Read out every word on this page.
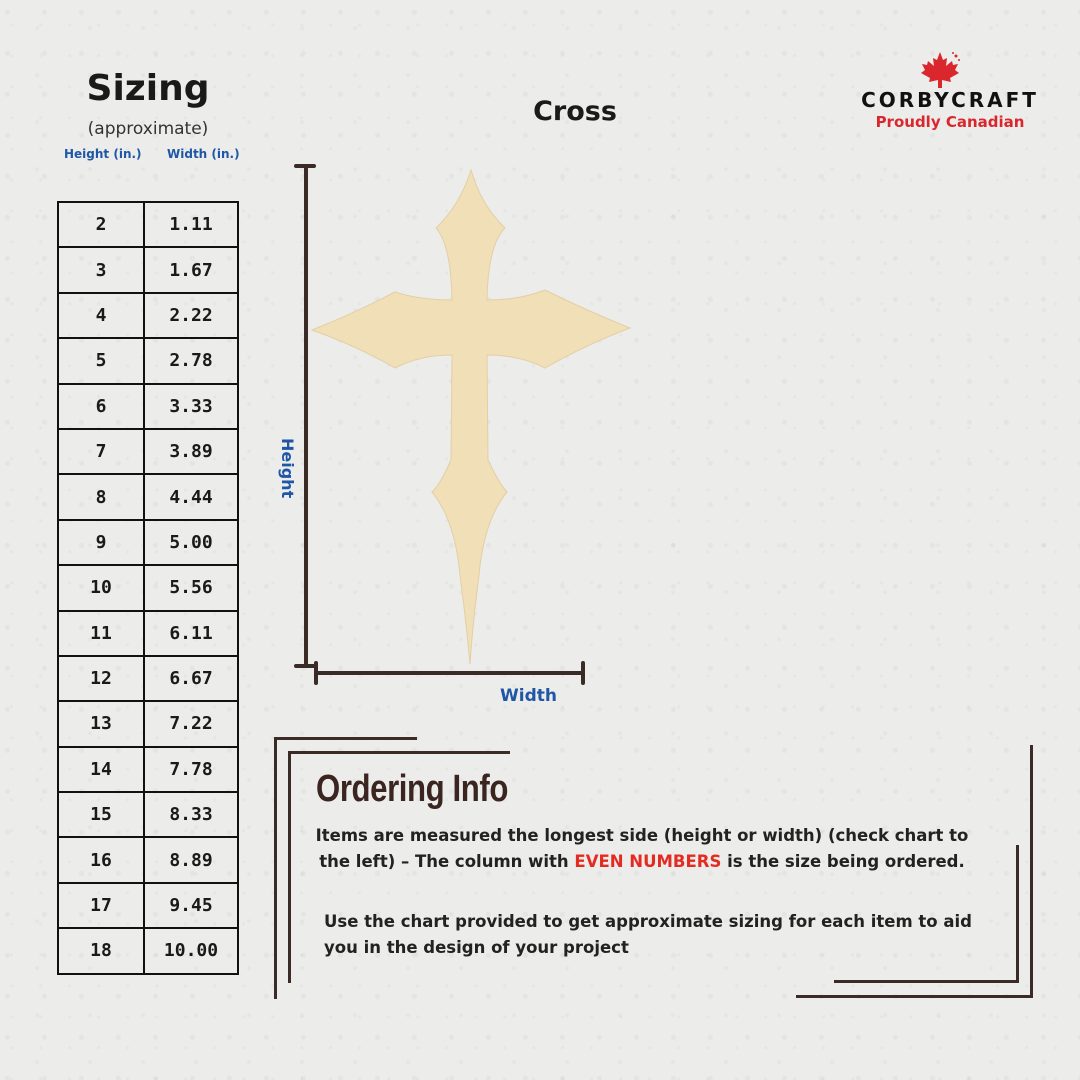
Sizing
(approximate)
Height (in.) Width (in.)
2	1.11
3	1.67
4	2.22
5	2.78
6	3.33
7	3.89
8	4.44
9	5.00
10	5.56
11	6.11
12	6.67
13	7.22
14	7.78
15	8.33
16	8.89
17	9.45
18	10.00
Cross	CORBYCRAFT
Proudly Canadian
Height
Width
Ordering Info
Items are measured the longest side (height or width) (check chart to the left) – The column with EVEN NUMBERS is the size being ordered.
Use the chart provided to get approximate sizing for each item to aid you in the design of your project
